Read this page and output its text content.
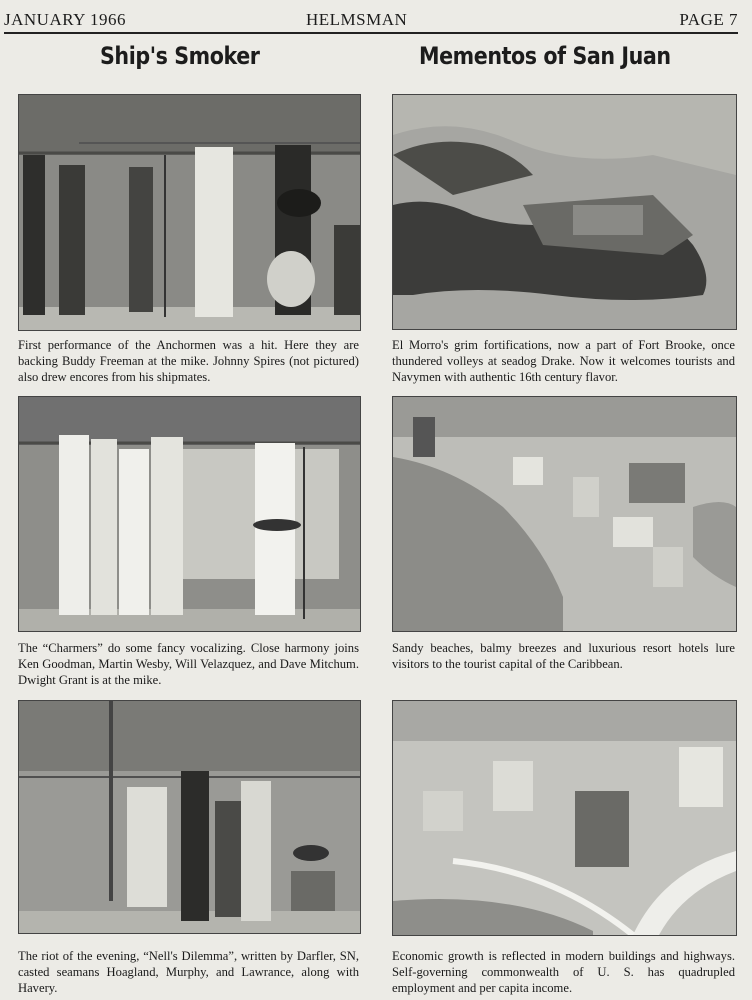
JANUARY 1966	HELMSMAN	PAGE 7
Ship's Smoker	Mementos of San Juan
First performance of the Anchormen was a hit. Here they are backing Buddy Freeman at the mike. Johnny Spires (not pictured) also drew encores from his shipmates.
The “Charmers” do some fancy vocalizing. Close harmony joins Ken Goodman, Martin Wesby, Will Velazquez, and Dave Mitchum. Dwight Grant is at the mike.
The riot of the evening, “Nell's Dilemma”, written by Darfler, SN, casted seamans Hoagland, Murphy, and Lawrance, along with Havery.
El Morro's grim fortifications, now a part of Fort Brooke, once thundered volleys at seadog Drake. Now it welcomes tourists and Navymen with authentic 16th century flavor.
Sandy beaches, balmy breezes and luxurious resort hotels lure visitors to the tourist capital of the Caribbean.
Economic growth is reflected in modern buildings and highways. Self-governing commonwealth of U. S. has quadrupled employment and per capita income.
